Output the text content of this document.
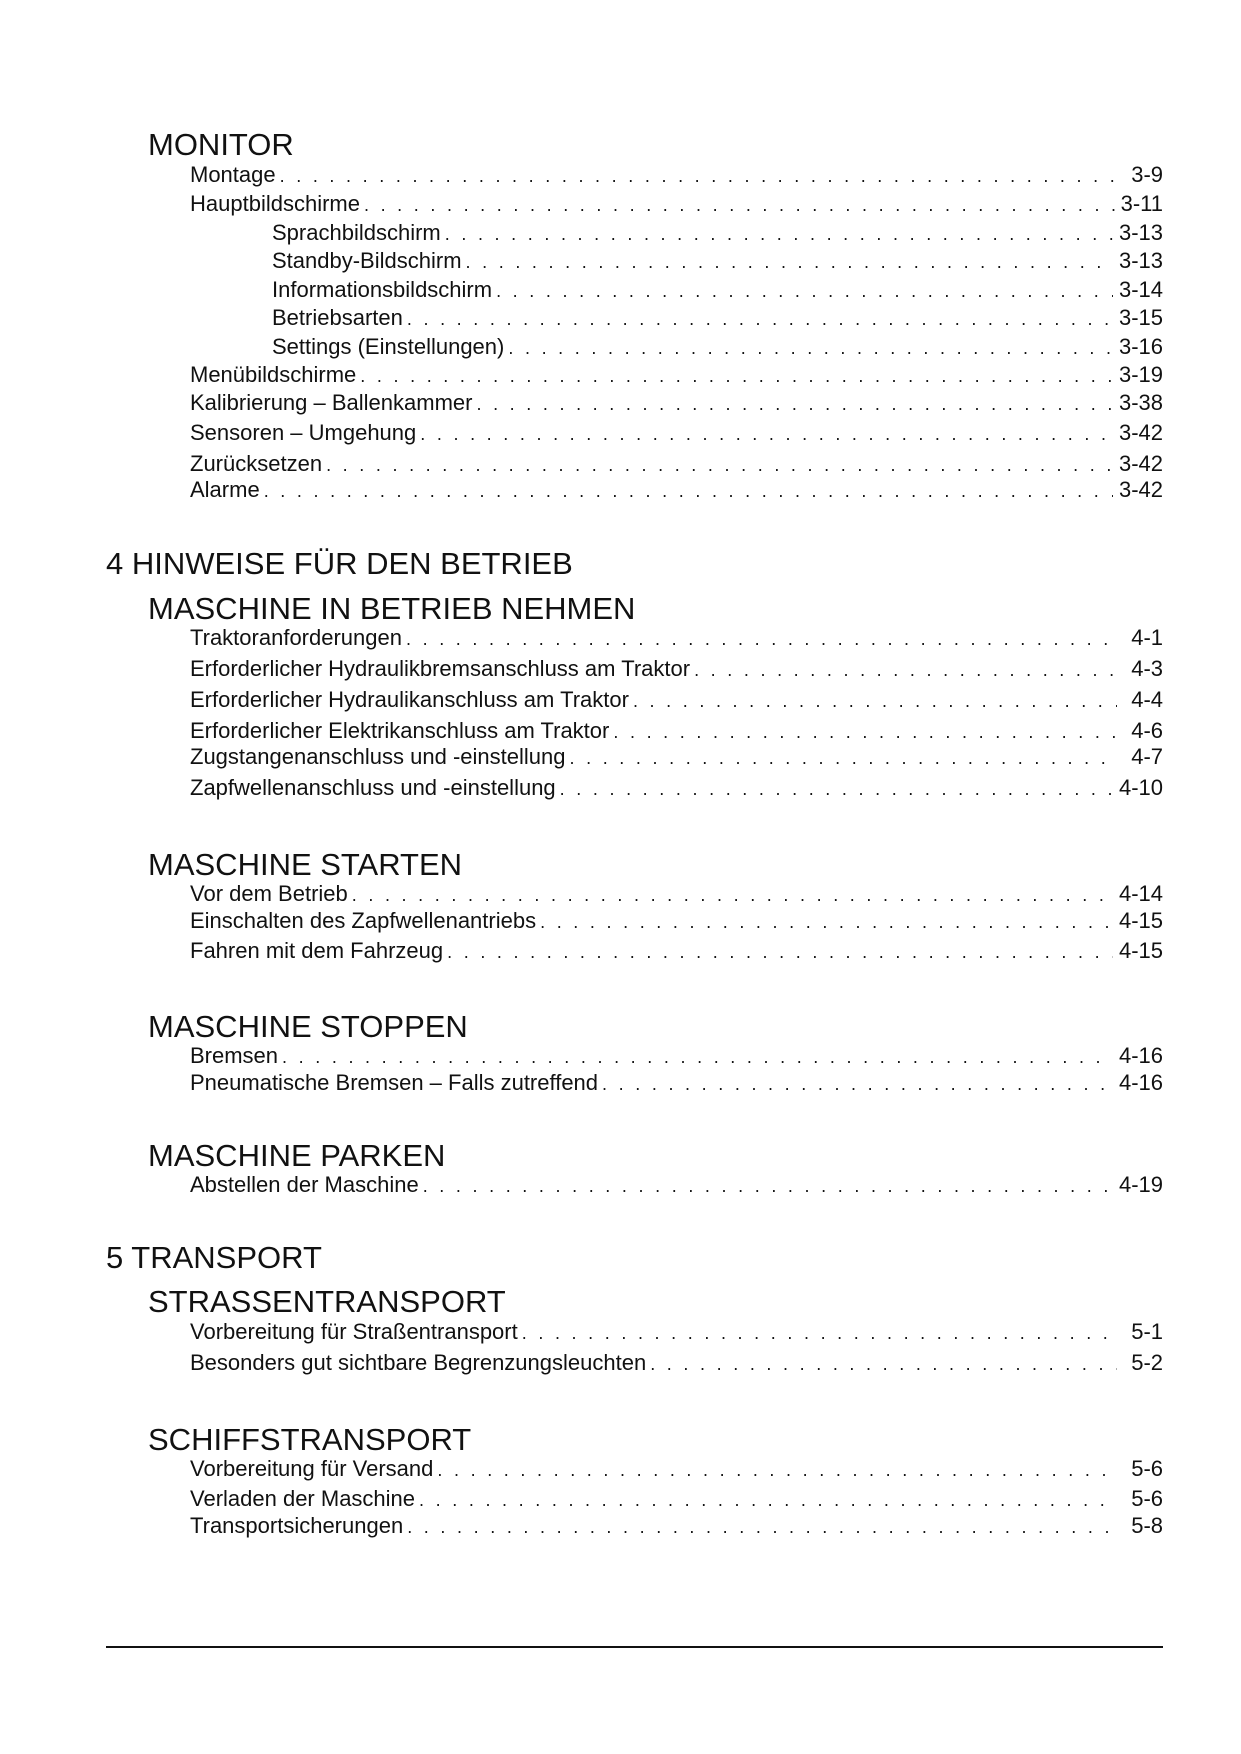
MONITOR
Montage . . .	3-9
Hauptbildschirme . . .	3-11
Sprachbildschirm . . .	3-13
Standby-Bildschirm . . .	3-13
Informationsbildschirm . . .	3-14
Betriebsarten . . .	3-15
Settings (Einstellungen) . . .	3-16
Menübildschirme . . .	3-19
Kalibrierung – Ballenkammer . . .	3-38
Sensoren – Umgehung . . .	3-42
Zurücksetzen . . .	3-42
Alarme . . .	3-42
4 HINWEISE FÜR DEN BETRIEB
MASCHINE IN BETRIEB NEHMEN
Traktoranforderungen . . .	4-1
Erforderlicher Hydraulikbremsanschluss am Traktor . . .	4-3
Erforderlicher Hydraulikanschluss am Traktor . . .	4-4
Erforderlicher Elektrikanschluss am Traktor . . .	4-6
Zugstangenanschluss und -einstellung . . .	4-7
Zapfwellenanschluss und -einstellung . . .	4-10
MASCHINE STARTEN
Vor dem Betrieb . . .	4-14
Einschalten des Zapfwellenantriebs . . .	4-15
Fahren mit dem Fahrzeug . . .	4-15
MASCHINE STOPPEN
Bremsen . . .	4-16
Pneumatische Bremsen – Falls zutreffend . . .	4-16
MASCHINE PARKEN
Abstellen der Maschine . . .	4-19
5 TRANSPORT
STRASSENTRANSPORT
Vorbereitung für Straßentransport . . .	5-1
Besonders gut sichtbare Begrenzungsleuchten . . .	5-2
SCHIFFSTRANSPORT
Vorbereitung für Versand . . .	5-6
Verladen der Maschine . . .	5-6
Transportsicherungen . . .	5-8
